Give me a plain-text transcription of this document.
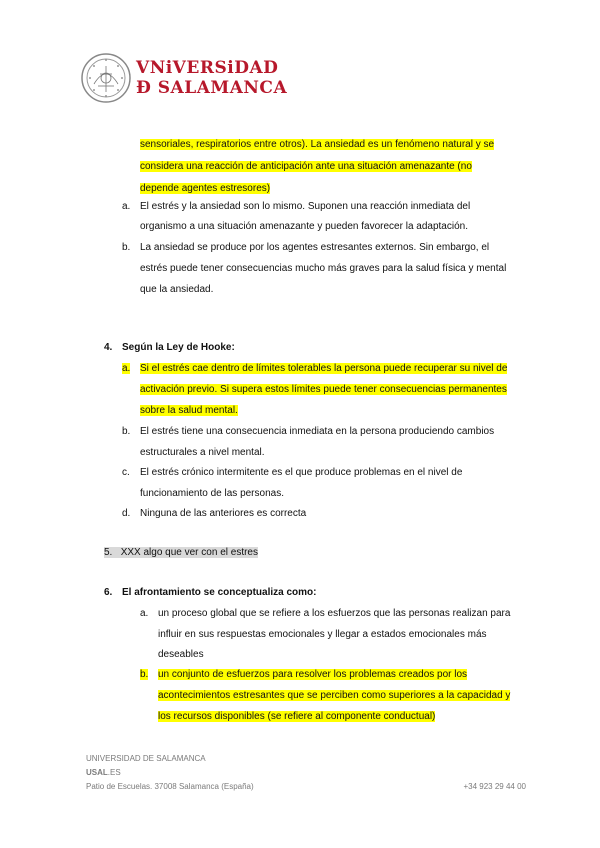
VNiVERSiDAD
Ð SALAMANCA
sensoriales, respiratorios entre otros). La ansiedad es un fenómeno natural y se
considera una reacción de anticipación ante una situación amenazante (no
depende agentes estresores)
a. El estrés y la ansiedad son lo mismo. Suponen una reacción inmediata del
organismo a una situación amenazante y pueden favorecer la adaptación.
b. La ansiedad se produce por los agentes estresantes externos. Sin embargo, el
estrés puede tener consecuencias mucho más graves para la salud física y mental
que la ansiedad.
4. Según la Ley de Hooke:
a. Si el estrés cae dentro de límites tolerables la persona puede recuperar su nivel de
activación previo. Si supera estos límites puede tener consecuencias permanentes
sobre la salud mental.
b. El estrés tiene una consecuencia inmediata en la persona produciendo cambios
estructurales a nivel mental.
c. El estrés crónico intermitente es el que produce problemas en el nivel de
funcionamiento de las personas.
d. Ninguna de las anteriores es correcta
5. XXX algo que ver con el estres
6. El afrontamiento se conceptualiza como:
a. un proceso global que se refiere a los esfuerzos que las personas realizan para
influir en sus respuestas emocionales y llegar a estados emocionales más
deseables
b. un conjunto de esfuerzos para resolver los problemas creados por los
acontecimientos estresantes que se perciben como superiores a la capacidad y
los recursos disponibles (se refiere al componente conductual)
UNIVERSIDAD DE SALAMANCA
USAL.ES
Patio de Escuelas. 37008 Salamanca (España)	+34 923 29 44 00
